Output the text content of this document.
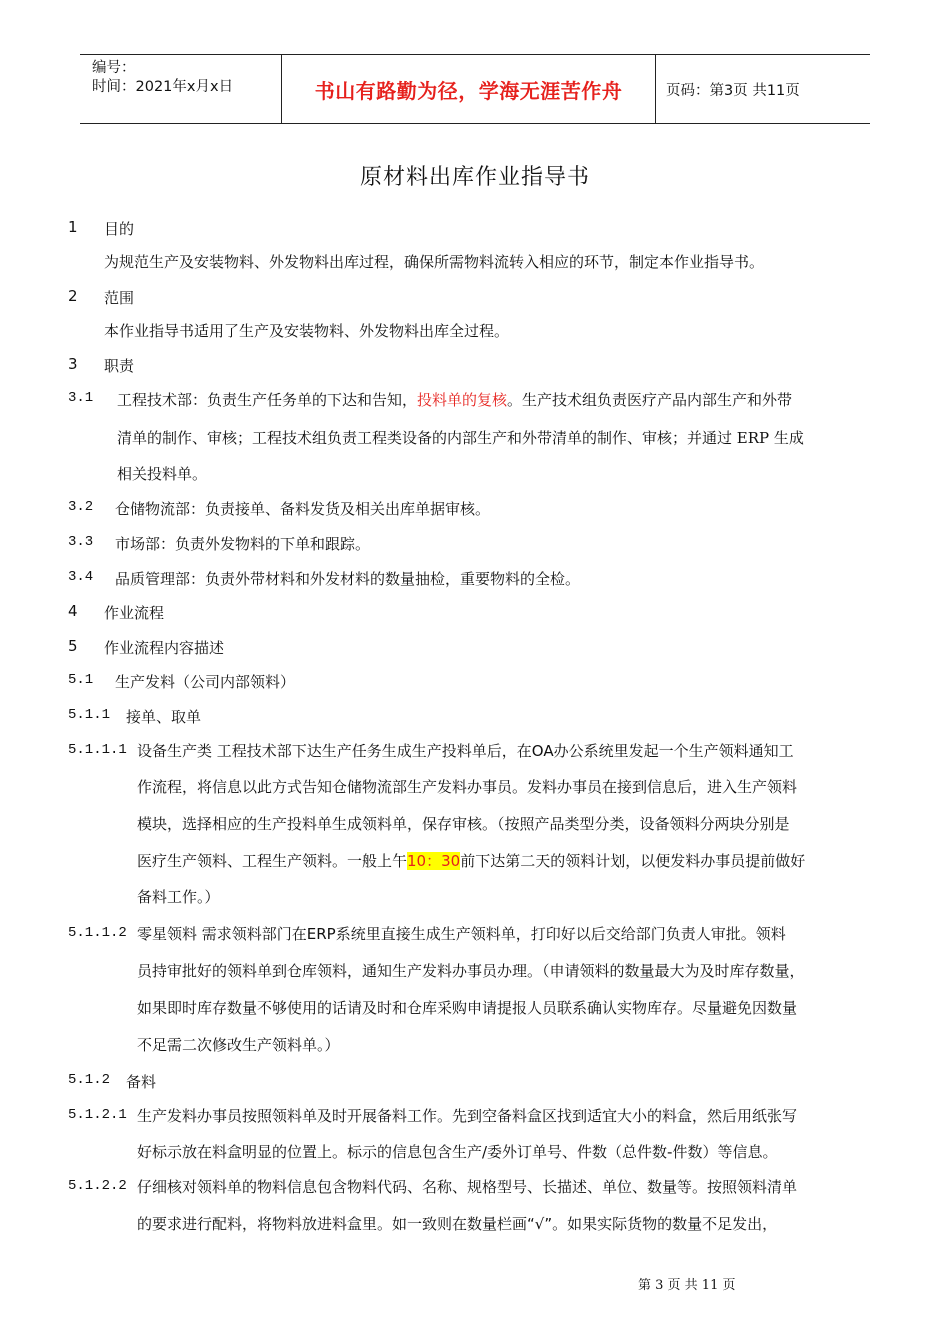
编号：
时间：2021年x月x日	书山有路勤为径，学海无涯苦作舟	页码：第3页 共11页
原材料出库作业指导书
1 目的
为规范生产及安装物料、外发物料出库过程，确保所需物料流转入相应的环节，制定本作业指导书。
2 范围
本作业指导书适用了生产及安装物料、外发物料出库全过程。
3 职责
3.1 工程技术部：负责生产任务单的下达和告知，投料单的复核。生产技术组负责医疗产品内部生产和外带
清单的制作、审核；工程技术组负责工程类设备的内部生产和外带清单的制作、审核；并通过 ERP 生成
相关投料单。
3.2 仓储物流部：负责接单、备料发货及相关出库单据审核。
3.3 市场部：负责外发物料的下单和跟踪。
3.4 品质管理部：负责外带材料和外发材料的数量抽检，重要物料的全检。
4 作业流程
5 作业流程内容描述
5.1 生产发料（公司内部领料）
5.1.1 接单、取单
5.1.1.1 设备生产类 工程技术部下达生产任务生成生产投料单后，在OA办公系统里发起一个生产领料通知工
作流程，将信息以此方式告知仓储物流部生产发料办事员。发料办事员在接到信息后，进入生产领料
模块，选择相应的生产投料单生成领料单，保存审核。（按照产品类型分类，设备领料分两块分别是
医疗生产领料、工程生产领料。一般上午10：30前下达第二天的领料计划，以便发料办事员提前做好
备料工作。）
5.1.1.2 零星领料 需求领料部门在ERP系统里直接生成生产领料单，打印好以后交给部门负责人审批。领料
员持审批好的领料单到仓库领料，通知生产发料办事员办理。（申请领料的数量最大为及时库存数量，
如果即时库存数量不够使用的话请及时和仓库采购申请提报人员联系确认实物库存。尽量避免因数量
不足需二次修改生产领料单。）
5.1.2 备料
5.1.2.1 生产发料办事员按照领料单及时开展备料工作。先到空备料盒区找到适宜大小的料盒，然后用纸张写
好标示放在料盒明显的位置上。标示的信息包含生产/委外订单号、件数（总件数-件数）等信息。
5.1.2.2 仔细核对领料单的物料信息包含物料代码、名称、规格型号、长描述、单位、数量等。按照领料清单
的要求进行配料，将物料放进料盒里。如一致则在数量栏画“√”。如果实际货物的数量不足发出，
第 3 页 共 11 页
